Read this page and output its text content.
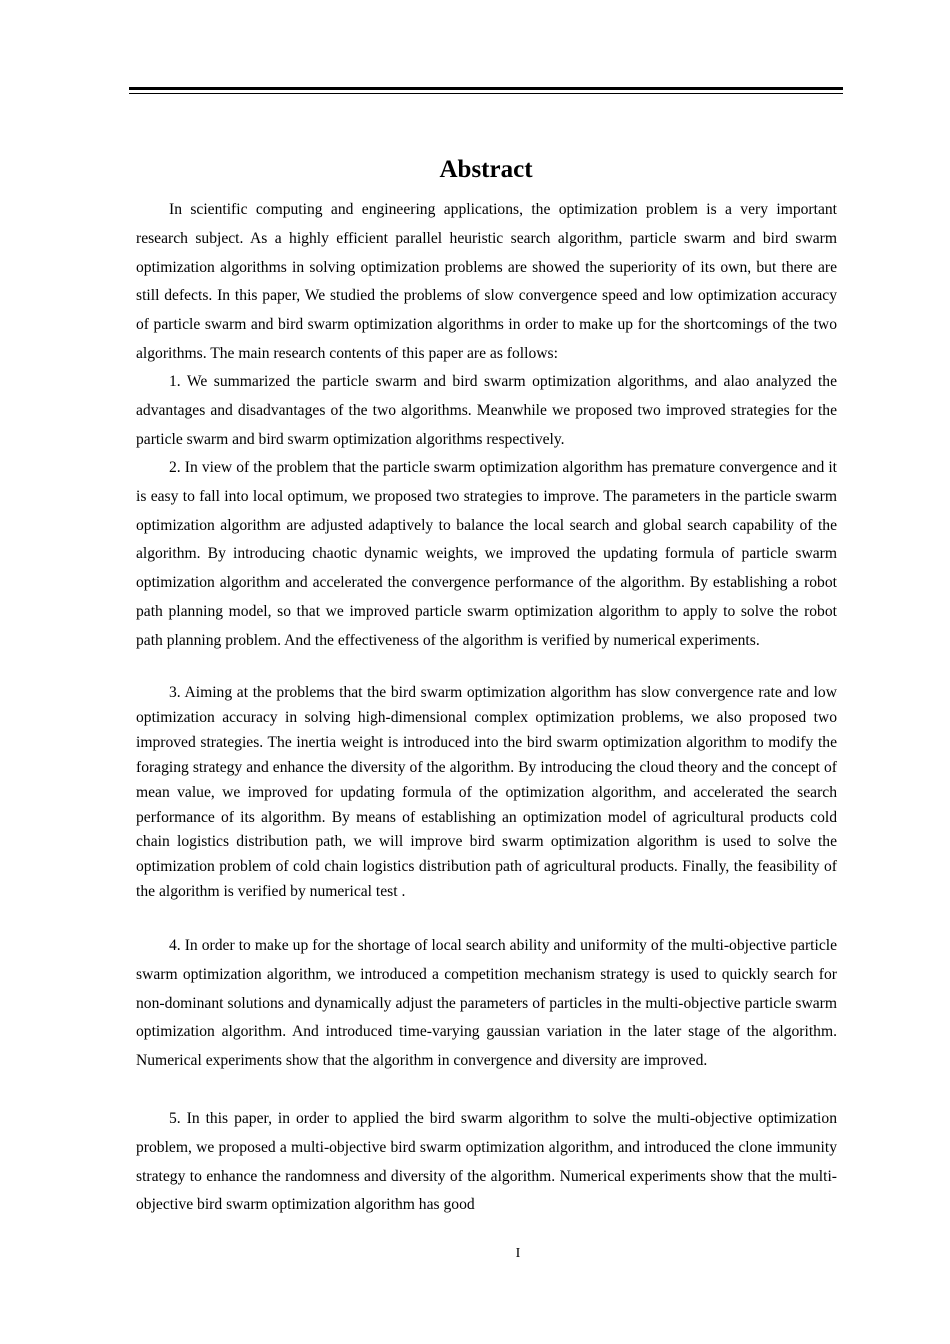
Abstract

In scientific computing and engineering applications, the optimization problem is a very important research subject. As a highly efficient parallel heuristic search algorithm, particle swarm and bird swarm optimization algorithms in solving optimization problems are showed the superiority of its own, but there are still defects. In this paper, We studied the problems of slow convergence speed and low optimization accuracy of particle swarm and bird swarm optimization algorithms in order to make up for the shortcomings of the two algorithms. The main research contents of this paper are as follows:

1. We summarized the particle swarm and bird swarm optimization algorithms, and alao analyzed the advantages and disadvantages of the two algorithms. Meanwhile we proposed two improved strategies for the particle swarm and bird swarm optimization algorithms respectively.

2. In view of the problem that the particle swarm optimization algorithm has premature convergence and it is easy to fall into local optimum, we proposed two strategies to improve. The parameters in the particle swarm optimization algorithm are adjusted adaptively to balance the local search and global search capability of the algorithm. By introducing chaotic dynamic weights, we improved the updating formula of particle swarm optimization algorithm and accelerated the convergence performance of the algorithm. By establishing a robot path planning model, so that we improved particle swarm optimization algorithm to apply to solve the robot path planning problem. And the effectiveness of the algorithm is verified by numerical experiments.

3. Aiming at the problems that the bird swarm optimization algorithm has slow convergence rate and low optimization accuracy in solving high-dimensional complex optimization problems, we also proposed two improved strategies. The inertia weight is introduced into the bird swarm optimization algorithm to modify the foraging strategy and enhance the diversity of the algorithm. By introducing the cloud theory and the concept of mean value, we improved for updating formula of the optimization algorithm, and accelerated the search performance of its algorithm. By means of establishing an optimization model of agricultural products cold chain logistics distribution path, we will improve bird swarm optimization algorithm is used to solve the optimization problem of cold chain logistics distribution path of agricultural products. Finally, the feasibility of the algorithm is verified by numerical test .

4. In order to make up for the shortage of local search ability and uniformity of the multi-objective particle swarm optimization algorithm, we introduced a competition mechanism strategy is used to quickly search for non-dominant solutions and dynamically adjust the parameters of particles in the multi-objective particle swarm optimization algorithm. And introduced time-varying gaussian variation in the later stage of the algorithm. Numerical experiments show that the algorithm in convergence and diversity are improved.

5. In this paper, in order to applied the bird swarm algorithm to solve the multi-objective optimization problem, we proposed a multi-objective bird swarm optimization algorithm, and introduced the clone immunity strategy to enhance the randomness and diversity of the algorithm. Numerical experiments show that the multi-objective bird swarm optimization algorithm has good

I
